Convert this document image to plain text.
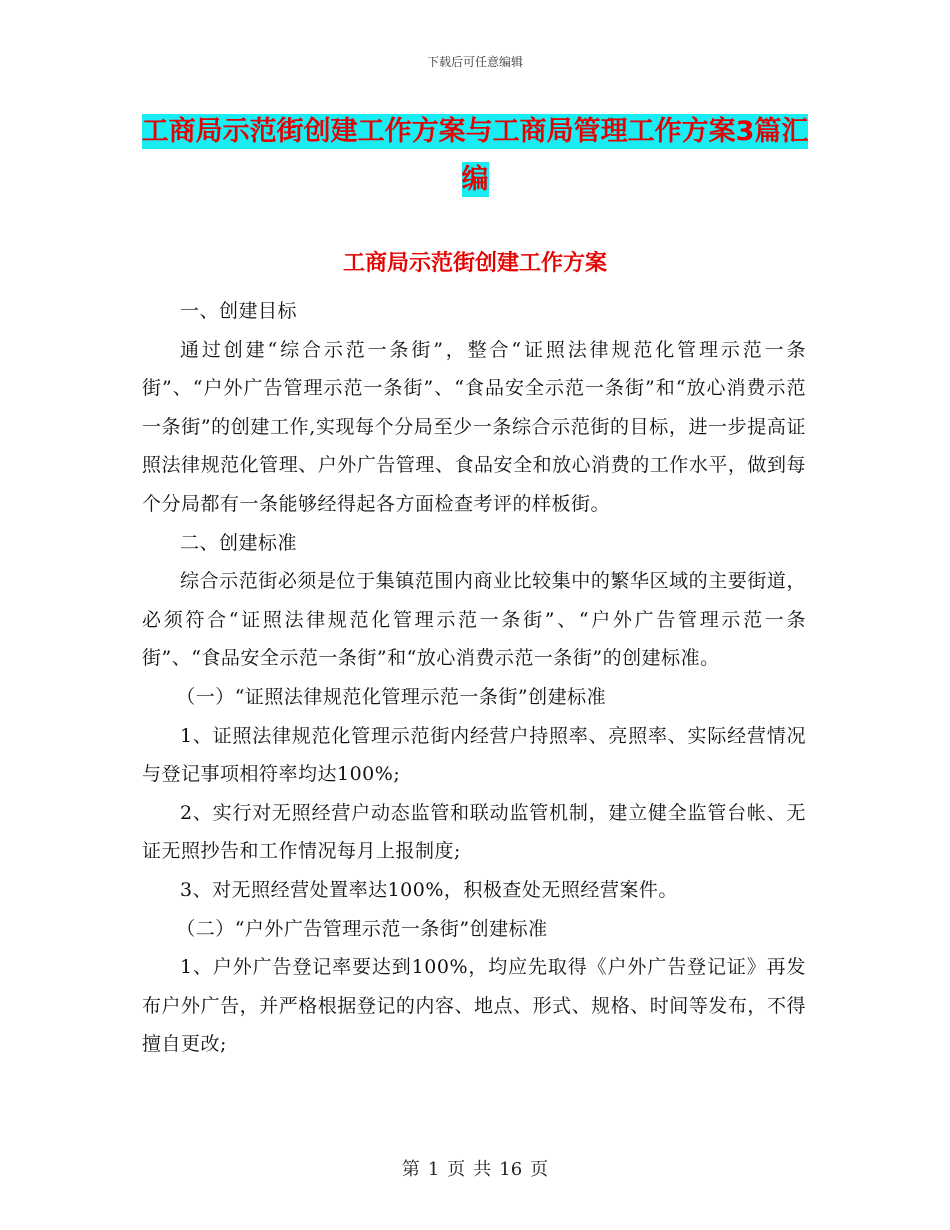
下载后可任意编辑
工商局示范街创建工作方案与工商局管理工作方案3篇汇编
工商局示范街创建工作方案

一、创建目标

通过创建“综合示范一条街”，整合“证照法律规范化管理示范一条街”、“户外广告管理示范一条街”、“食品安全示范一条街”和“放心消费示范一条街”的创建工作,实现每个分局至少一条综合示范街的目标，进一步提高证照法律规范化管理、户外广告管理、食品安全和放心消费的工作水平，做到每个分局都有一条能够经得起各方面检查考评的样板街。

二、创建标准

综合示范街必须是位于集镇范围内商业比较集中的繁华区域的主要街道，必须符合“证照法律规范化管理示范一条街”、“户外广告管理示范一条街”、“食品安全示范一条街”和“放心消费示范一条街”的创建标准。

（一）“证照法律规范化管理示范一条街”创建标准

1、证照法律规范化管理示范街内经营户持照率、亮照率、实际经营情况与登记事项相符率均达100%;

2、实行对无照经营户动态监管和联动监管机制，建立健全监管台帐、无证无照抄告和工作情况每月上报制度;

3、对无照经营处置率达100%，积极查处无照经营案件。

（二）“户外广告管理示范一条街”创建标准

1、户外广告登记率要达到100%，均应先取得《户外广告登记证》再发布户外广告，并严格根据登记的内容、地点、形式、规格、时间等发布，不得擅自更改;

第 1 页 共 16 页
